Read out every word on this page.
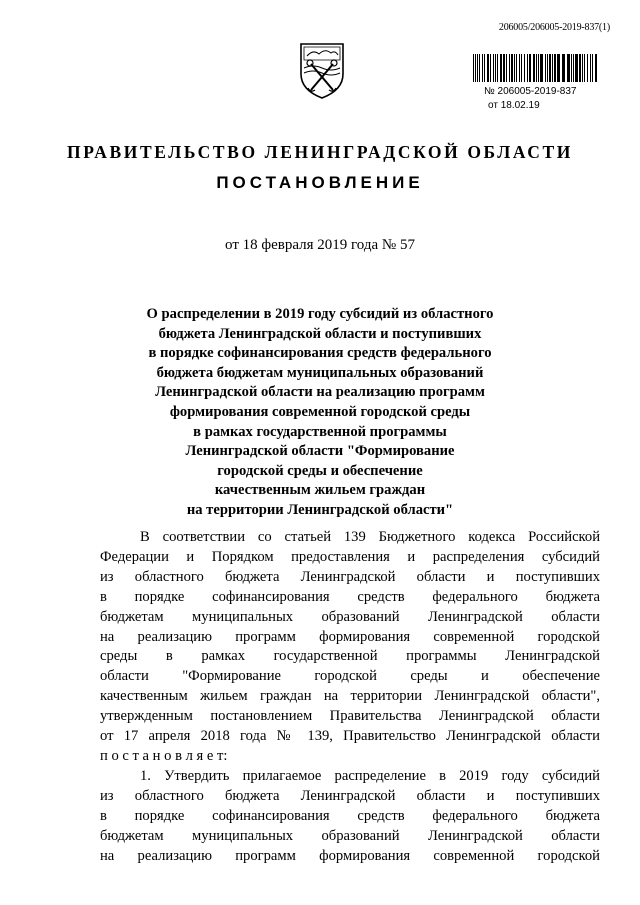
206005/206005-2019-837(1)
№ 206005-2019-837
от 18.02.19
ПРАВИТЕЛЬСТВО ЛЕНИНГРАДСКОЙ ОБЛАСТИ
ПОСТАНОВЛЕНИЕ
от 18 февраля 2019 года № 57
О распределении в 2019 году субсидий из областного
бюджета Ленинградской области и поступивших
в порядке софинансирования средств федерального
бюджета бюджетам муниципальных образований
Ленинградской области на реализацию программ
формирования современной городской среды
в рамках государственной программы
Ленинградской области "Формирование
городской среды и обеспечение
качественным жильем граждан
на территории Ленинградской области"
В соответствии со статьей 139 Бюджетного кодекса Российской
Федерации и Порядком предоставления и распределения субсидий
из областного бюджета Ленинградской области и поступивших
в порядке софинансирования средств федерального бюджета
бюджетам муниципальных образований Ленинградской области
на реализацию программ формирования современной городской
среды в рамках государственной программы Ленинградской
области "Формирование городской среды и обеспечение
качественным жильем граждан на территории Ленинградской области",
утвержденным постановлением Правительства Ленинградской области
от 17 апреля 2018 года № 139, Правительство Ленинградской области
п о с т а н о в л я е т:
1. Утвердить прилагаемое распределение в 2019 году субсидий
из областного бюджета Ленинградской области и поступивших
в порядке софинансирования средств федерального бюджета
бюджетам муниципальных образований Ленинградской области
на реализацию программ формирования современной городской
